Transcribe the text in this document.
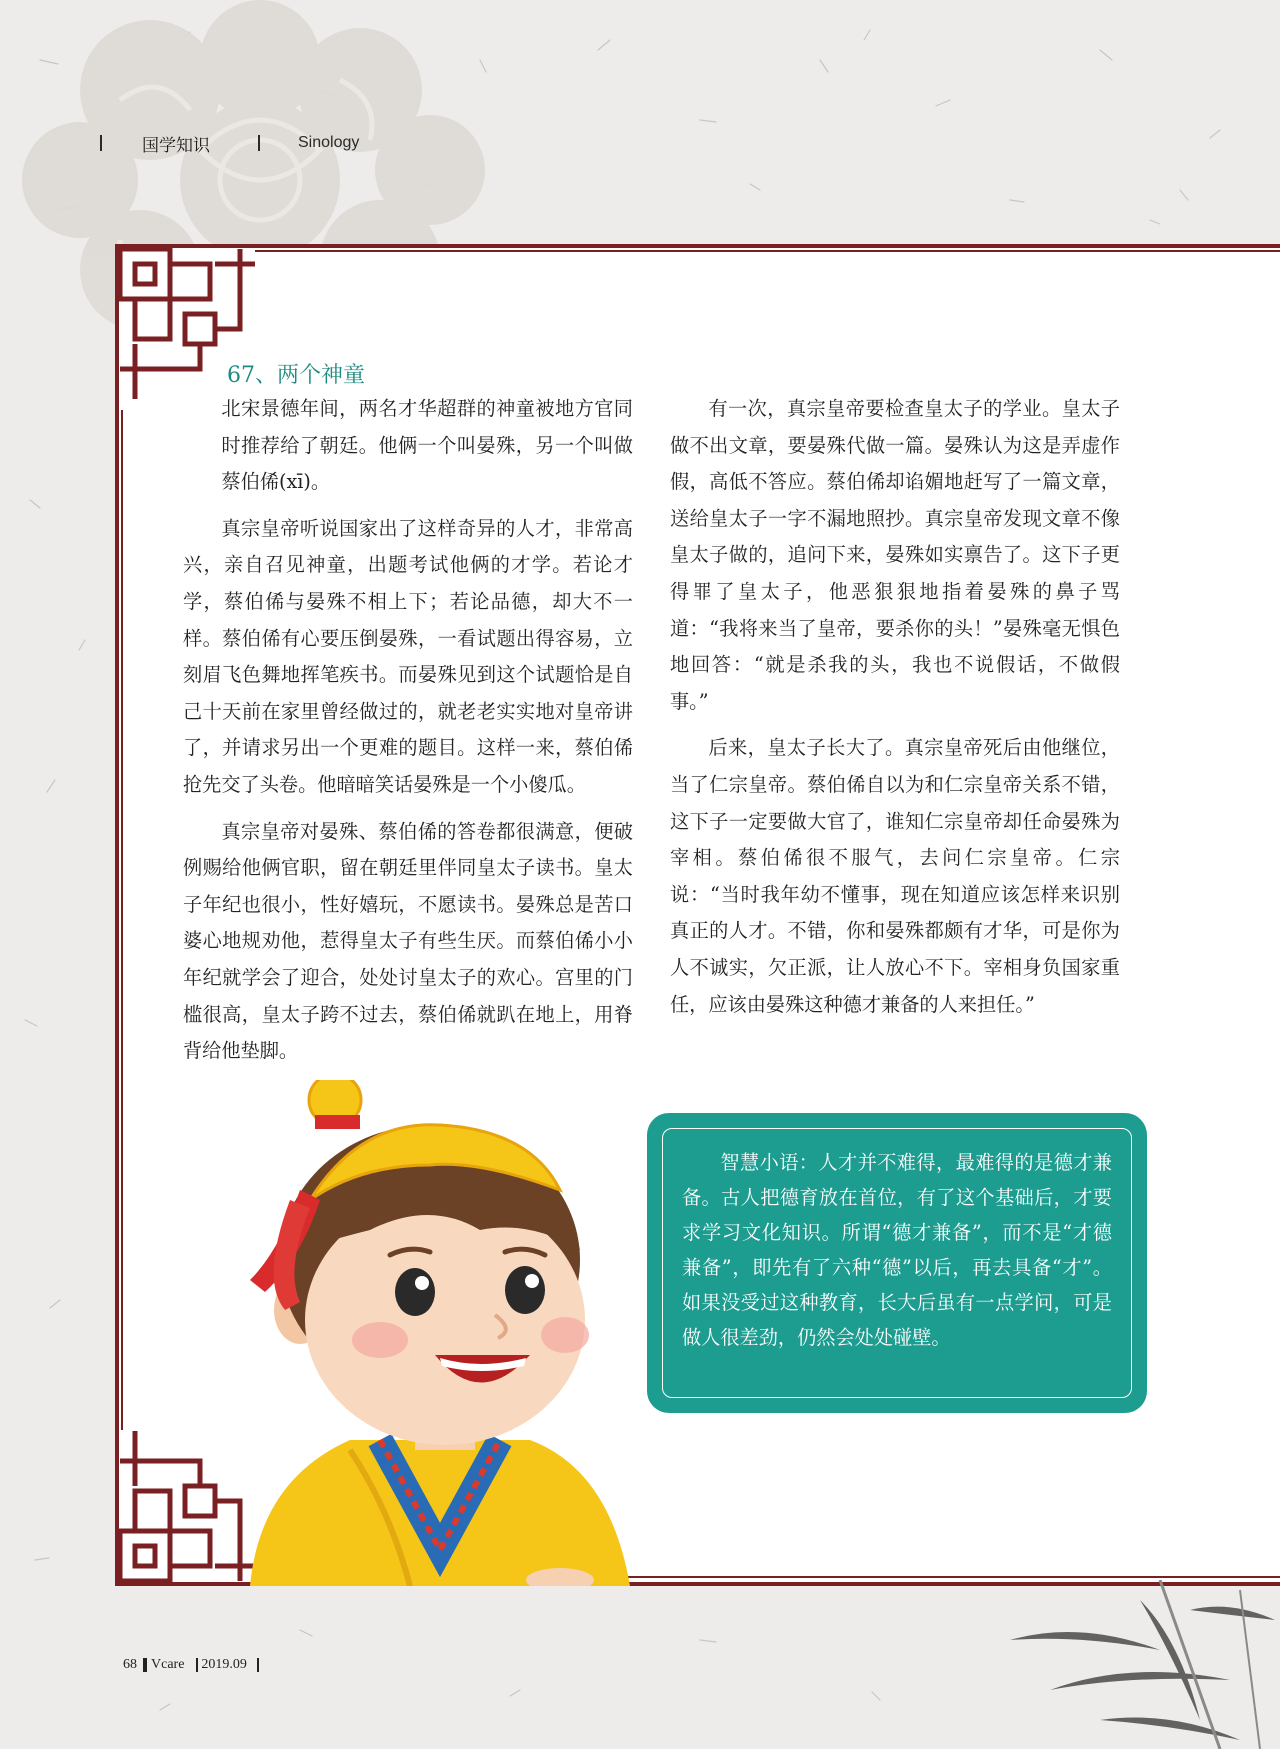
国学知识	Sinology
67、两个神童

北宋景德年间，两名才华超群的神童被地方官同时推荐给了朝廷。他俩一个叫晏殊，另一个叫做蔡伯俙(xī)。

真宗皇帝听说国家出了这样奇异的人才，非常高兴，亲自召见神童，出题考试他俩的才学。若论才学，蔡伯俙与晏殊不相上下；若论品德，却大不一样。蔡伯俙有心要压倒晏殊，一看试题出得容易，立刻眉飞色舞地挥笔疾书。而晏殊见到这个试题恰是自己十天前在家里曾经做过的，就老老实实地对皇帝讲了，并请求另出一个更难的题目。这样一来，蔡伯俙抢先交了头卷。他暗暗笑话晏殊是一个小傻瓜。

真宗皇帝对晏殊、蔡伯俙的答卷都很满意，便破例赐给他俩官职，留在朝廷里伴同皇太子读书。皇太子年纪也很小，性好嬉玩，不愿读书。晏殊总是苦口婆心地规劝他，惹得皇太子有些生厌。而蔡伯俙小小年纪就学会了迎合，处处讨皇太子的欢心。宫里的门槛很高，皇太子跨不过去，蔡伯俙就趴在地上，用脊背给他垫脚。

有一次，真宗皇帝要检查皇太子的学业。皇太子做不出文章，要晏殊代做一篇。晏殊认为这是弄虚作假，高低不答应。蔡伯俙却谄媚地赶写了一篇文章，送给皇太子一字不漏地照抄。真宗皇帝发现文章不像皇太子做的，追问下来，晏殊如实禀告了。这下子更得罪了皇太子，他恶狠狠地指着晏殊的鼻子骂道：“我将来当了皇帝，要杀你的头！”晏殊毫无惧色地回答：“就是杀我的头，我也不说假话，不做假事。”

后来，皇太子长大了。真宗皇帝死后由他继位，当了仁宗皇帝。蔡伯俙自以为和仁宗皇帝关系不错，这下子一定要做大官了，谁知仁宗皇帝却任命晏殊为宰相。蔡伯俙很不服气，去问仁宗皇帝。仁宗说：“当时我年幼不懂事，现在知道应该怎样来识别真正的人才。不错，你和晏殊都颇有才华，可是你为人不诚实，欠正派，让人放心不下。宰相身负国家重任，应该由晏殊这种德才兼备的人来担任。”

智慧小语：人才并不难得，最难得的是德才兼备。古人把德育放在首位，有了这个基础后，才要求学习文化知识。所谓“德才兼备”，而不是“才德兼备”，即先有了六种“德”以后，再去具备“才”。如果没受过这种教育，长大后虽有一点学问，可是做人很差劲，仍然会处处碰壁。
68 Vcare 2019.09
